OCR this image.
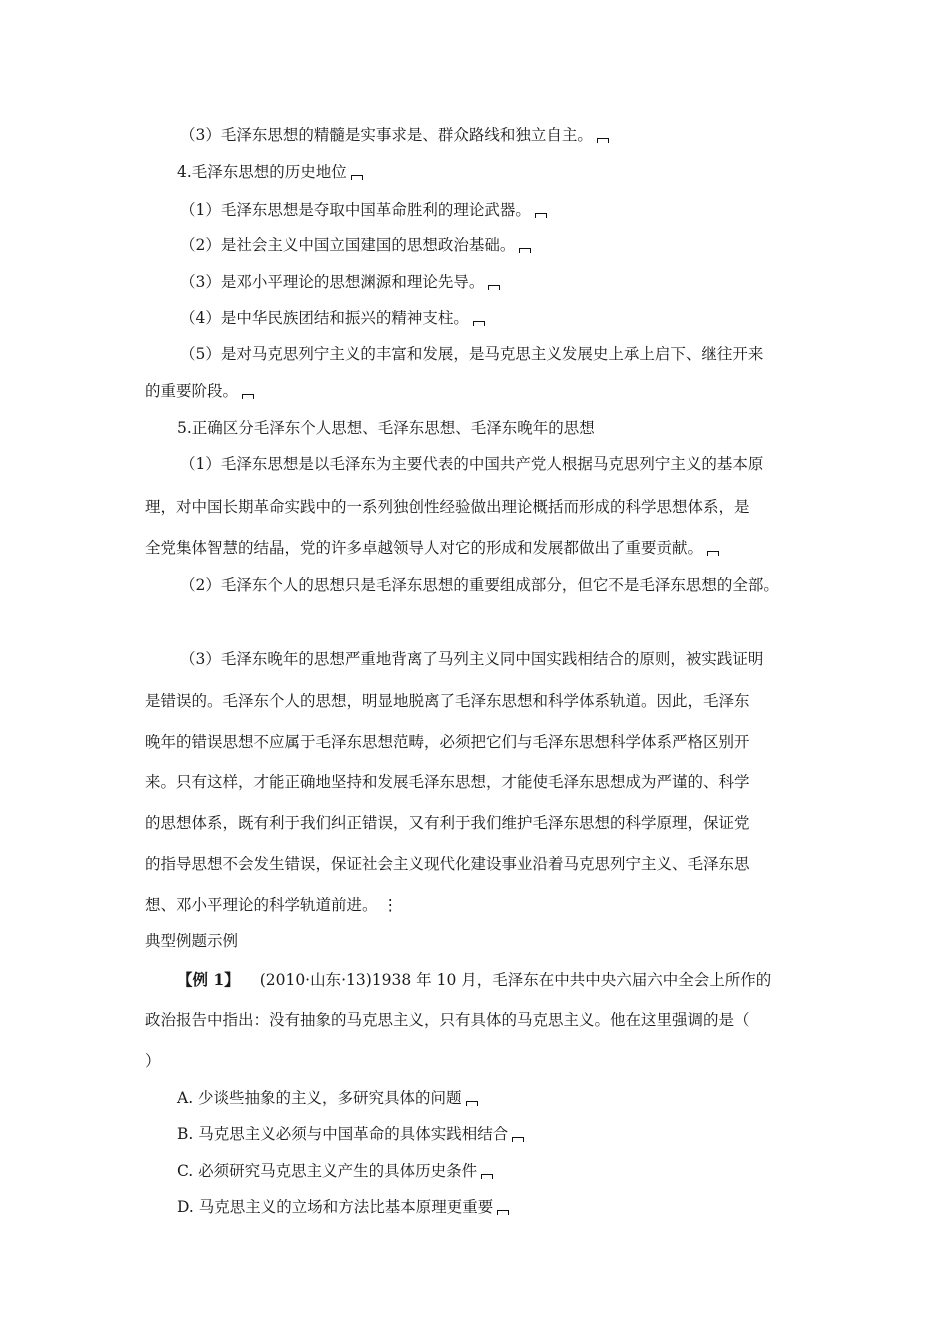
（3）毛泽东思想的精髓是实事求是、群众路线和独立自主。
4.毛泽东思想的历史地位
（1）毛泽东思想是夺取中国革命胜利的理论武器。
（2）是社会主义中国立国建国的思想政治基础。
（3）是邓小平理论的思想渊源和理论先导。
（4）是中华民族团结和振兴的精神支柱。
（5）是对马克思列宁主义的丰富和发展，是马克思主义发展史上承上启下、继往开来
的重要阶段。
5.正确区分毛泽东个人思想、毛泽东思想、毛泽东晚年的思想
（1）毛泽东思想是以毛泽东为主要代表的中国共产党人根据马克思列宁主义的基本原
理，对中国长期革命实践中的一系列独创性经验做出理论概括而形成的科学思想体系，是
全党集体智慧的结晶，党的许多卓越领导人对它的形成和发展都做出了重要贡献。
（2）毛泽东个人的思想只是毛泽东思想的重要组成部分，但它不是毛泽东思想的全部。
（3）毛泽东晚年的思想严重地背离了马列主义同中国实践相结合的原则，被实践证明
是错误的。毛泽东个人的思想，明显地脱离了毛泽东思想和科学体系轨道。因此，毛泽东
晚年的错误思想不应属于毛泽东思想范畴，必须把它们与毛泽东思想科学体系严格区别开
来。只有这样，才能正确地坚持和发展毛泽东思想，才能使毛泽东思想成为严谨的、科学
的思想体系，既有利于我们纠正错误，又有利于我们维护毛泽东思想的科学原理，保证党
的指导思想不会发生错误，保证社会主义现代化建设事业沿着马克思列宁主义、毛泽东思
想、邓小平理论的科学轨道前进。 ⋮
典型例题示例
【例 1】 (2010·山东·13)1938 年 10 月，毛泽东在中共中央六届六中全会上所作的
政治报告中指出：没有抽象的马克思主义，只有具体的马克思主义。他在这里强调的是（
）
A. 少谈些抽象的主义，多研究具体的问题
B. 马克思主义必须与中国革命的具体实践相结合
C. 必须研究马克思主义产生的具体历史条件
D. 马克思主义的立场和方法比基本原理更重要
